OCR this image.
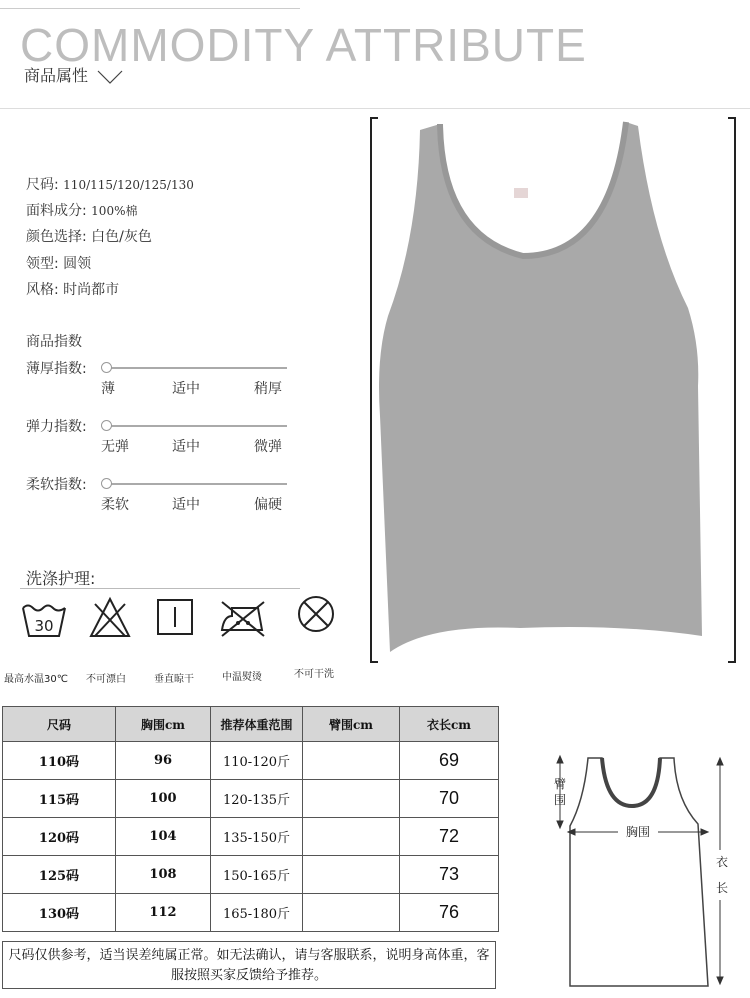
COMMODITY ATTRIBUTE
商品属性
尺码: 110/115/120/125/130
面料成分: 100%棉
颜色选择: 白色/灰色
领型: 圆领
风格: 时尚都市
商品指数
薄厚指数:
薄	适中	稍厚
弹力指数:
无弹	适中	微弹
柔软指数:
柔软	适中	偏硬
洗涤护理:
30
最高水温30℃ 不可漂白	垂直晾干	中温熨烫	不可干洗
尺码	胸围cm	推荐体重范围	臂围cm	衣长cm
110码	96	110-120斤		69
115码	100	120-135斤		70
120码	104	135-150斤		72
125码	108	150-165斤		73
130码	112	165-180斤		76
尺码仅供参考，适当误差纯属正常。如无法确认，请与客服联系，说明身高体重，客服按照买家反馈给予推荐。
臂
围
胸围
衣
长
